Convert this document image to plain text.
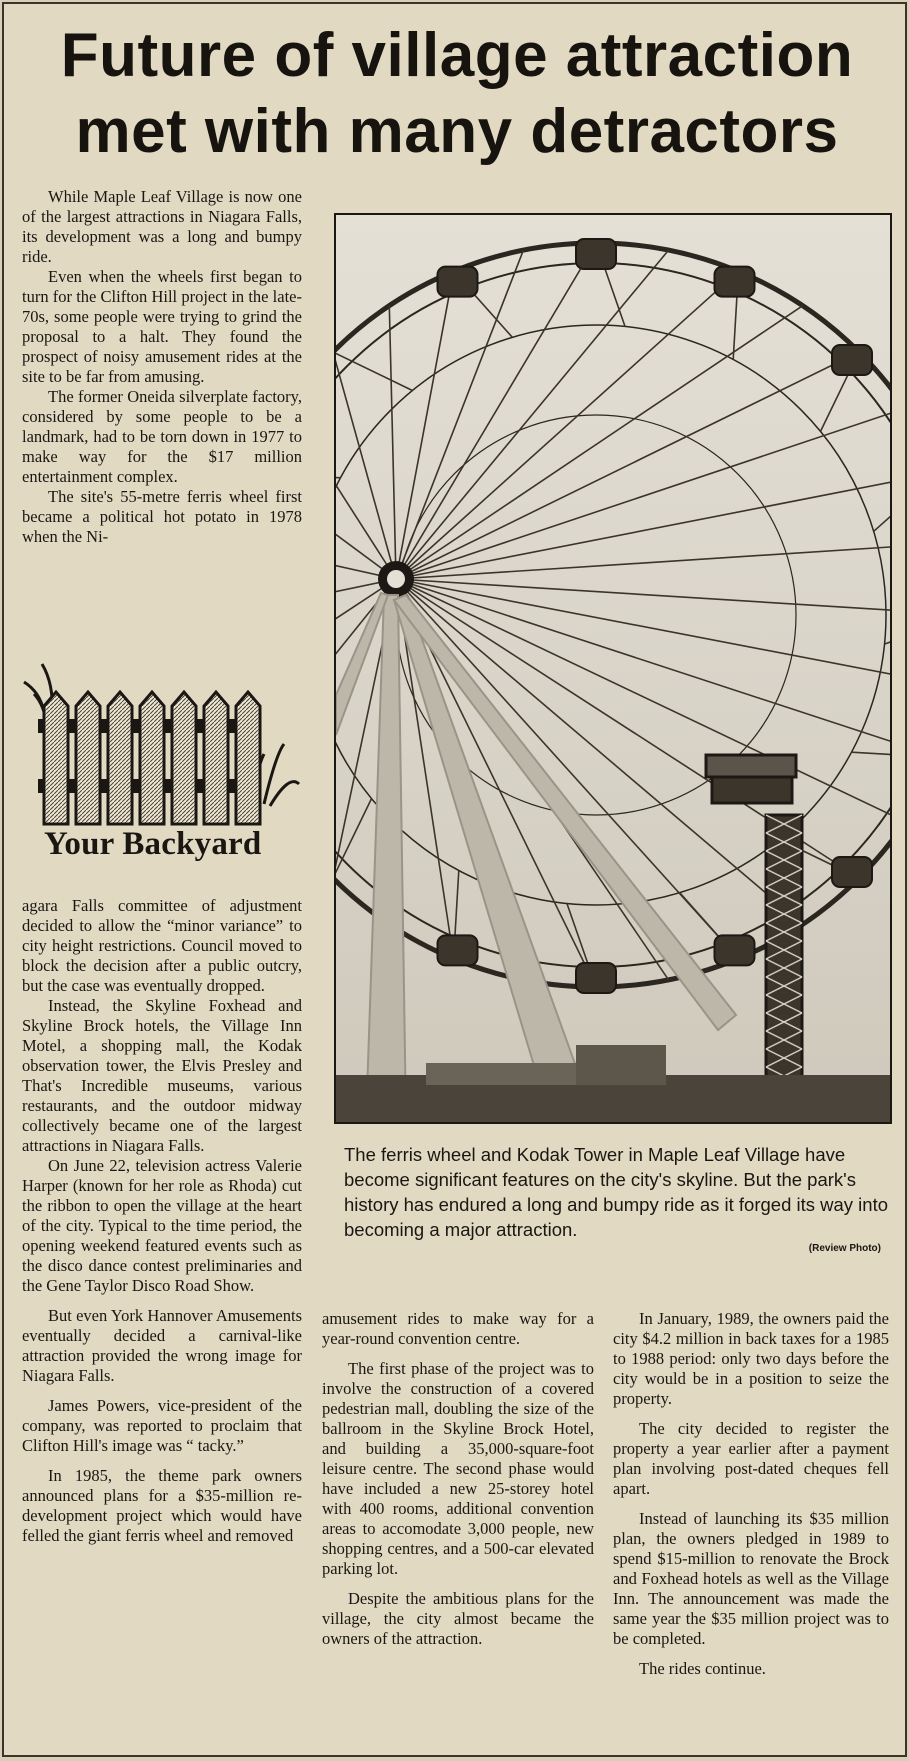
Future of village attraction
met with many detractors

While Maple Leaf Village is now one of the largest attractions in Niagara Falls, its development was a long and bumpy ride.

Even when the wheels first began to turn for the Clifton Hill project in the late-70s, some people were trying to grind the proposal to a halt. They found the prospect of noisy amusement rides at the site to be far from amusing.

The former Oneida silverplate factory, considered by some people to be a landmark, had to be torn down in 1977 to make way for the $17 million entertainment complex.

The site's 55-metre ferris wheel first became a political hot potato in 1978 when the Ni-

Your Backyard

agara Falls committee of adjustment decided to allow the “minor variance” to city height restrictions. Council moved to block the decision after a public outcry, but the case was eventually dropped.

Instead, the Skyline Foxhead and Skyline Brock hotels, the Village Inn Motel, a shopping mall, the Kodak observation tower, the Elvis Presley and That's Incredible museums, various restaurants, and the outdoor midway collectively became one of the largest attractions in Niagara Falls.

On June 22, television actress Valerie Harper (known for her role as Rhoda) cut the ribbon to open the village at the heart of the city. Typical to the time period, the opening weekend featured events such as the disco dance contest preliminaries and the Gene Taylor Disco Road Show.

But even York Hannover Amusements eventually decided a carnival-like attraction provided the wrong image for Niagara Falls.

James Powers, vice-president of the company, was reported to proclaim that Clifton Hill's image was “ tacky.”

In 1985, the theme park owners announced plans for a $35-million re-development project which would have felled the giant ferris wheel and removed

The ferris wheel and Kodak Tower in Maple Leaf Village have become significant features on the city's skyline. But the park's history has endured a long and bumpy ride as it forged its way into becoming a major attraction.
(Review Photo)

amusement rides to make way for a year-round convention centre.

The first phase of the project was to involve the construction of a covered pedestrian mall, doubling the size of the ballroom in the Skyline Brock Hotel, and building a 35,000-square-foot leisure centre. The second phase would have included a new 25-storey hotel with 400 rooms, additional convention areas to accomodate 3,000 people, new shopping centres, and a 500-car elevated parking lot.

Despite the ambitious plans for the village, the city almost became the owners of the attraction.

In January, 1989, the owners paid the city $4.2 million in back taxes for a 1985 to 1988 period: only two days before the city would be in a position to seize the property.

The city decided to register the property a year earlier after a payment plan involving post-dated cheques fell apart.

Instead of launching its $35 million plan, the owners pledged in 1989 to spend $15-million to renovate the Brock and Foxhead hotels as well as the Village Inn. The announcement was made the same year the $35 million project was to be completed.

The rides continue.
